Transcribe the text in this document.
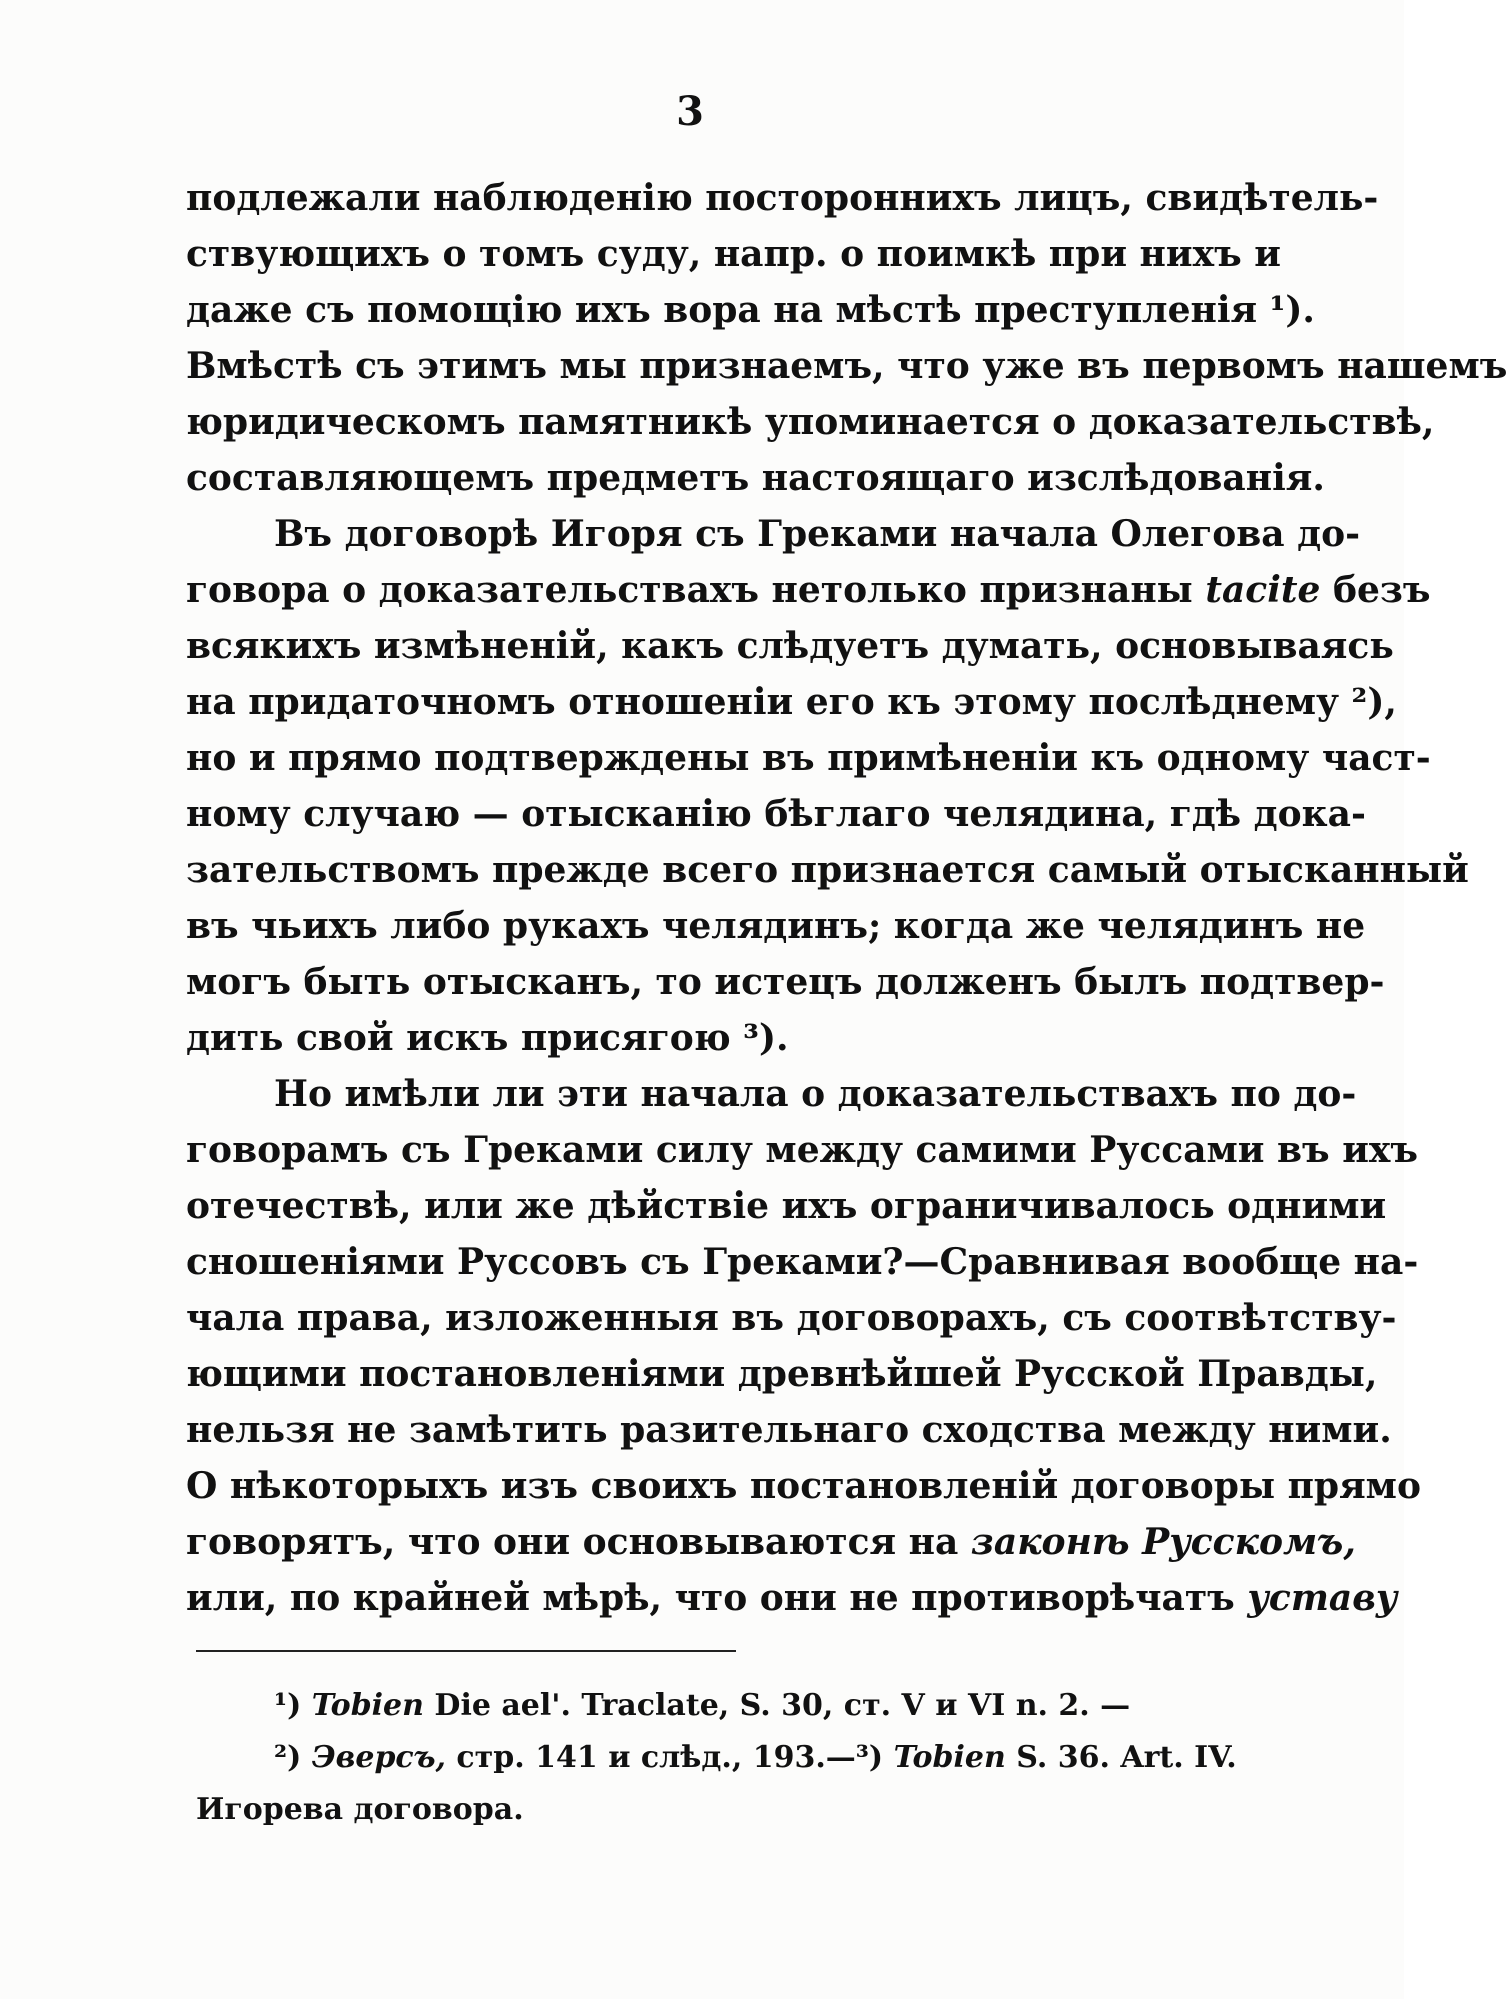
3

подлежали наблюденію постороннихъ лицъ, свидѣтель-
ствующихъ о томъ суду, напр. о поимкѣ при нихъ и
даже съ помощію ихъ вора на мѣстѣ преступленія ¹).
Вмѣстѣ съ этимъ мы признаемъ, что уже въ первомъ нашемъ
юридическомъ памятникѣ упоминается о доказательствѣ,
составляющемъ предметъ настоящаго изслѣдованія.

Въ договорѣ Игоря съ Греками начала Олегова до-
говора о доказательствахъ нетолько признаны tacite безъ
всякихъ измѣненій, какъ слѣдуетъ думать, основываясь
на придаточномъ отношеніи его къ этому послѣднему ²),
но и прямо подтверждены въ примѣненіи къ одному част-
ному случаю — отысканію бѣглаго челядина, гдѣ дока-
зательствомъ прежде всего признается самый отысканный
въ чьихъ либо рукахъ челядинъ; когда же челядинъ не
могъ быть отысканъ, то истецъ долженъ былъ подтвер-
дить свой искъ присягою ³).

Но имѣли ли эти начала о доказательствахъ по до-
говорамъ съ Греками силу между самими Руссами въ ихъ
отечествѣ, или же дѣйствіе ихъ ограничивалось одними
сношеніями Руссовъ съ Греками?—Сравнивая вообще на-
чала права, изложенныя въ договорахъ, съ соотвѣтству-
ющими постановленіями древнѣйшей Русской Правды,
нельзя не замѣтить разительнаго сходства между ними.
О нѣкоторыхъ изъ своихъ постановленій договоры прямо
говорятъ, что они основываются на законѣ Русскомъ,
или, по крайней мѣрѣ, что они не противорѣчатъ уставу

¹) Tobien Die ael'. Traclate, S. 30, ст. V и VI n. 2. —
²) Эверсъ, стр. 141 и слѣд., 193.—³) Tobien S. 36. Art. IV.
Игорева договора.
